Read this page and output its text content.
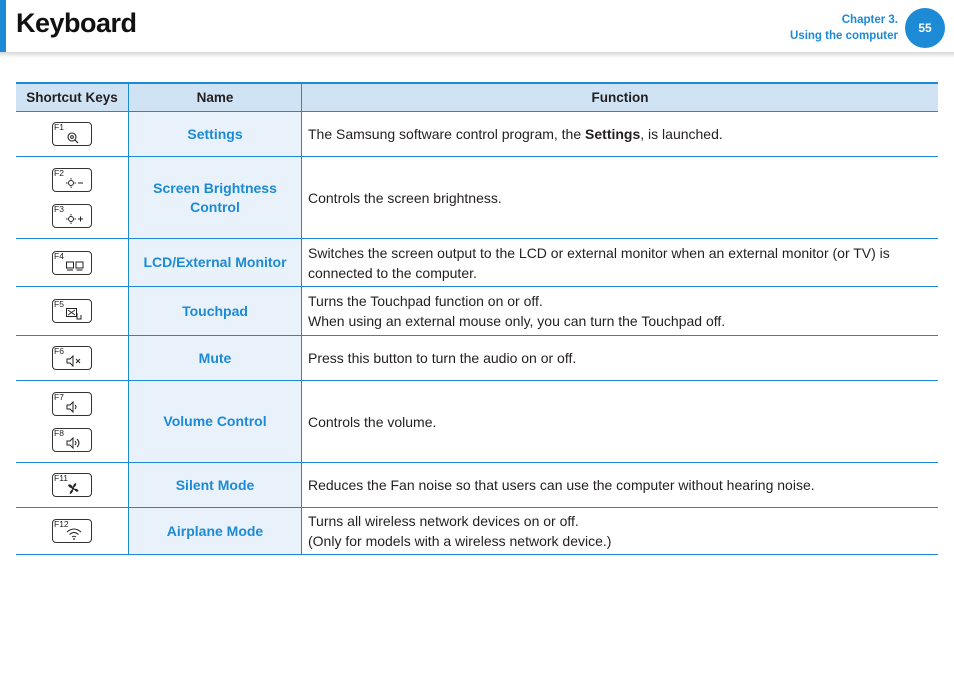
Keyboard	Chapter 3.
Using the computer
55
Shortcut Keys	Name	Function

F1	Settings	The Samsung software control program, the Settings, is launched.

F2
F3	Screen Brightness Control	Controls the screen brightness.

F4	LCD/External Monitor	Switches the screen output to the LCD or external monitor when an external monitor (or TV) is connected to the computer.

F5	Touchpad	Turns the Touchpad function on or off.
When using an external mouse only, you can turn the Touchpad off.

F6	Mute	Press this button to turn the audio on or off.

F7
F8	Volume Control	Controls the volume.

F11	Silent Mode	Reduces the Fan noise so that users can use the computer without hearing noise.

F12	Airplane Mode	Turns all wireless network devices on or off.
(Only for models with a wireless network device.)
